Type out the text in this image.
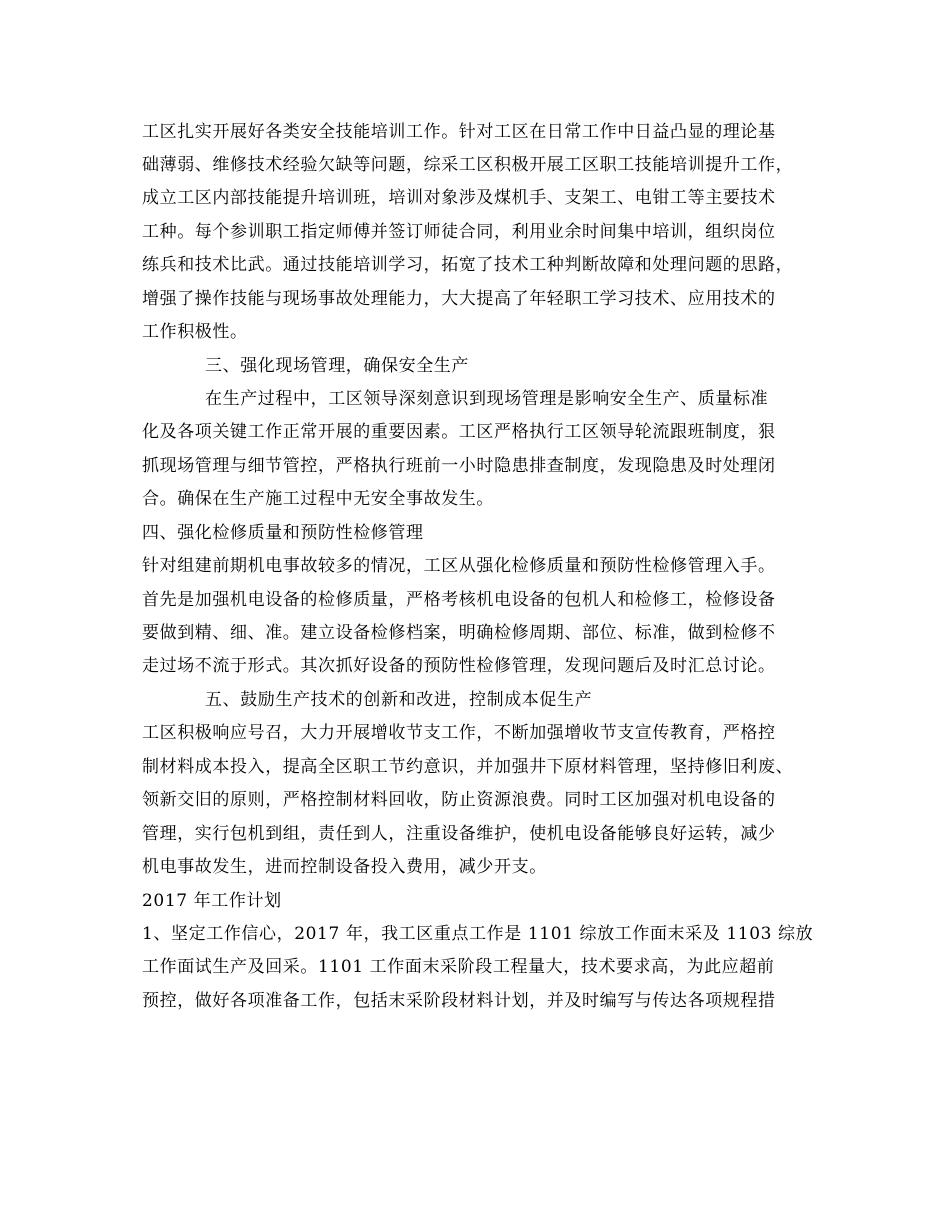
工区扎实开展好各类安全技能培训工作。针对工区在日常工作中日益凸显的理论基
础薄弱、维修技术经验欠缺等问题，综采工区积极开展工区职工技能培训提升工作，
成立工区内部技能提升培训班，培训对象涉及煤机手、支架工、电钳工等主要技术
工种。每个参训职工指定师傅并签订师徒合同，利用业余时间集中培训，组织岗位
练兵和技术比武。通过技能培训学习，拓宽了技术工种判断故障和处理问题的思路，
增强了操作技能与现场事故处理能力，大大提高了年轻职工学习技术、应用技术的
工作积极性。
三、强化现场管理，确保安全生产
在生产过程中，工区领导深刻意识到现场管理是影响安全生产、质量标准
化及各项关键工作正常开展的重要因素。工区严格执行工区领导轮流跟班制度，狠
抓现场管理与细节管控，严格执行班前一小时隐患排查制度，发现隐患及时处理闭
合。确保在生产施工过程中无安全事故发生。
四、强化检修质量和预防性检修管理
针对组建前期机电事故较多的情况，工区从强化检修质量和预防性检修管理入手。
首先是加强机电设备的检修质量，严格考核机电设备的包机人和检修工，检修设备
要做到精、细、准。建立设备检修档案，明确检修周期、部位、标准，做到检修不
走过场不流于形式。其次抓好设备的预防性检修管理，发现问题后及时汇总讨论。
五、鼓励生产技术的创新和改进，控制成本促生产
工区积极响应号召，大力开展增收节支工作，不断加强增收节支宣传教育，严格控
制材料成本投入，提高全区职工节约意识，并加强井下原材料管理，坚持修旧利废、
领新交旧的原则，严格控制材料回收，防止资源浪费。同时工区加强对机电设备的
管理，实行包机到组，责任到人，注重设备维护，使机电设备能够良好运转，减少
机电事故发生，进而控制设备投入费用，减少开支。
2017 年工作计划
1、坚定工作信心，2017 年，我工区重点工作是 1101 综放工作面末采及 1103 综放
工作面试生产及回采。1101 工作面末采阶段工程量大，技术要求高，为此应超前
预控，做好各项准备工作，包括末采阶段材料计划，并及时编写与传达各项规程措
